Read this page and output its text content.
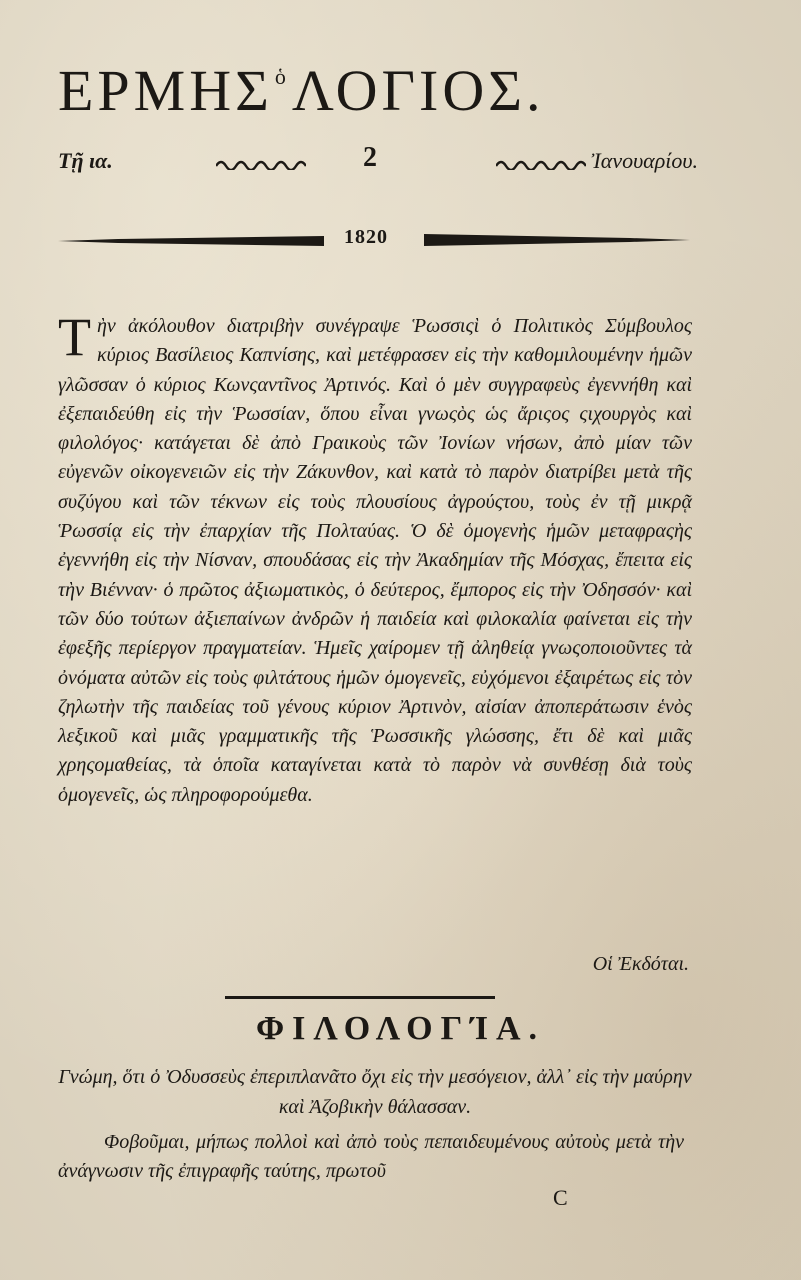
$EPMH\Sigma^ὁ$ ΛΟΓΙΟΣ.
Τῇ ια.	2	Ἰανουαρίου.
1820

Τὴν ἀκόλουθον διατριβὴν συνέγραψε Ῥωσσιςὶ ὁ Πολιτικὸς Σύμβουλος κύριος Βασίλειος Καπνίσης, καὶ μετέφρασεν εἰς τὴν καθομιλουμένην ἡμῶν γλῶσσαν ὁ κύριος Κωνςαντῖνος Ἀρτινός. Καὶ ὁ μὲν συγγραφεὺς ἐγεννήθη καὶ ἐξεπαιδεύθη εἰς τὴν Ῥωσσίαν, ὅπου εἶναι γνωςὸς ὡς ἄριςος ςιχουργὸς καὶ φιλολόγος· κατάγεται δὲ ἀπὸ Γραικοὺς τῶν Ἰονίων νήσων, ἀπὸ μίαν τῶν εὐγενῶν οἰκογενειῶν εἰς τὴν Ζάκυνθον, καὶ κατὰ τὸ παρὸν διατρίβει μετὰ τῆς συζύγου καὶ τῶν τέκνων εἰς τοὺς πλουσίους ἀγρούςτου, τοὺς ἐν τῇ μικρᾷ Ῥωσσίᾳ εἰς τὴν ἐπαρχίαν τῆς Πολταύας. Ὁ δὲ ὁμογενὴς ἡμῶν μεταφραςὴς ἐγεννήθη εἰς τὴν Νίσναν, σπουδάσας εἰς τὴν Ἀκαδημίαν τῆς Μόσχας, ἔπειτα εἰς τὴν Βιένναν· ὁ πρῶτος ἀξιωματικὸς, ὁ δεύτερος, ἔμπορος εἰς τὴν Ὀδησσόν· καὶ τῶν δύο τούτων ἀξιεπαίνων ἀνδρῶν ἡ παιδεία καὶ φιλοκαλία φαίνεται εἰς τὴν ἐφεξῆς περίεργον πραγματείαν. Ἡμεῖς χαίρομεν τῇ ἀληθείᾳ γνωςοποιοῦντες τὰ ὀνόματα αὐτῶν εἰς τοὺς φιλτάτους ἡμῶν ὁμογενεῖς, εὐχόμενοι ἐξαιρέτως εἰς τὸν ζηλωτὴν τῆς παιδείας τοῦ γένους κύριον Ἀρτινὸν, αἰσίαν ἀποπεράτωσιν ἑνὸς λεξικοῦ καὶ μιᾶς γραμματικῆς τῆς Ῥωσσικῆς γλώσσης, ἔτι δὲ καὶ μιᾶς χρηςομαθείας, τὰ ὁποῖα καταγίνεται κατὰ τὸ παρὸν νὰ συνθέσῃ διὰ τοὺς ὁμογενεῖς, ὡς πληροφορούμεθα.

Οἱ Ἐκδόται.
ΦΙΛΟΛΟΓΊΑ.

Γνώμη, ὅτι ὁ Ὀδυσσεὺς ἐπεριπλανᾶτο ὄχι εἰς τὴν μεσόγειον, ἀλλ᾽ εἰς τὴν μαύρην καὶ Ἀζοβικὴν θάλασσαν.

Φοβοῦμαι, μήπως πολλοὶ καὶ ἀπὸ τοὺς πεπαιδευμένους αὐτοὺς μετὰ τὴν ἀνάγνωσιν τῆς ἐπιγραφῆς ταύτης, πρωτοῦ

C
